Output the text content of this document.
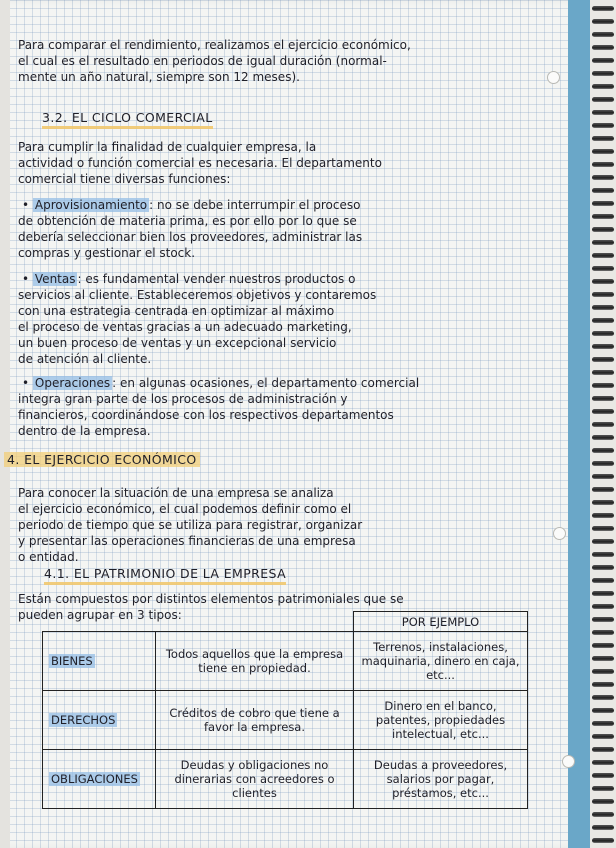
Para comparar el rendimiento, realizamos el ejercicio económico,

el cual es el resultado en periodos de igual duración (normal-

mente un año natural, siempre son 12 meses).

3.2. EL CICLO COMERCIAL

Para cumplir la finalidad de cualquier empresa, la

actividad o función comercial es necesaria. El departamento

comercial tiene diversas funciones:

• Aprovisionamiento : no se debe interrumpir el proceso

de obtención de materia prima, es por ello por lo que se

debería seleccionar bien los proveedores, administrar las

compras y gestionar el stock.

• Ventas : es fundamental vender nuestros productos o

servicios al cliente. Estableceremos objetivos y contaremos

con una estrategia centrada en optimizar al máximo

el proceso de ventas gracias a un adecuado marketing,

un buen proceso de ventas y un excepcional servicio

de atención al cliente.

• Operaciones : en algunas ocasiones, el departamento comercial

integra gran parte de los procesos de administración y

financieros, coordinándose con los respectivos departamentos

dentro de la empresa.

4. EL EJERCICIO ECONÓMICO

Para conocer la situación de una empresa se analiza

el ejercicio económico, el cual podemos definir como el

periodo de tiempo que se utiliza para registrar, organizar

y presentar las operaciones financieras de una empresa

o entidad.

4.1. EL PATRIMONIO DE LA EMPRESA

Están compuestos por distintos elementos patrimoniales que se

pueden agrupar en 3 tipos:

			POR EJEMPLO
BIENES	Todos aquellos que la empresa tiene en propiedad.	Terrenos, instalaciones, maquinaria, dinero en caja, etc...
DERECHOS	Créditos de cobro que tiene a favor la empresa.	Dinero en el banco, patentes, propiedades intelectual, etc...
OBLIGACIONES	Deudas y obligaciones no dinerarias con acreedores o clientes	Deudas a proveedores, salarios por pagar, préstamos, etc...
